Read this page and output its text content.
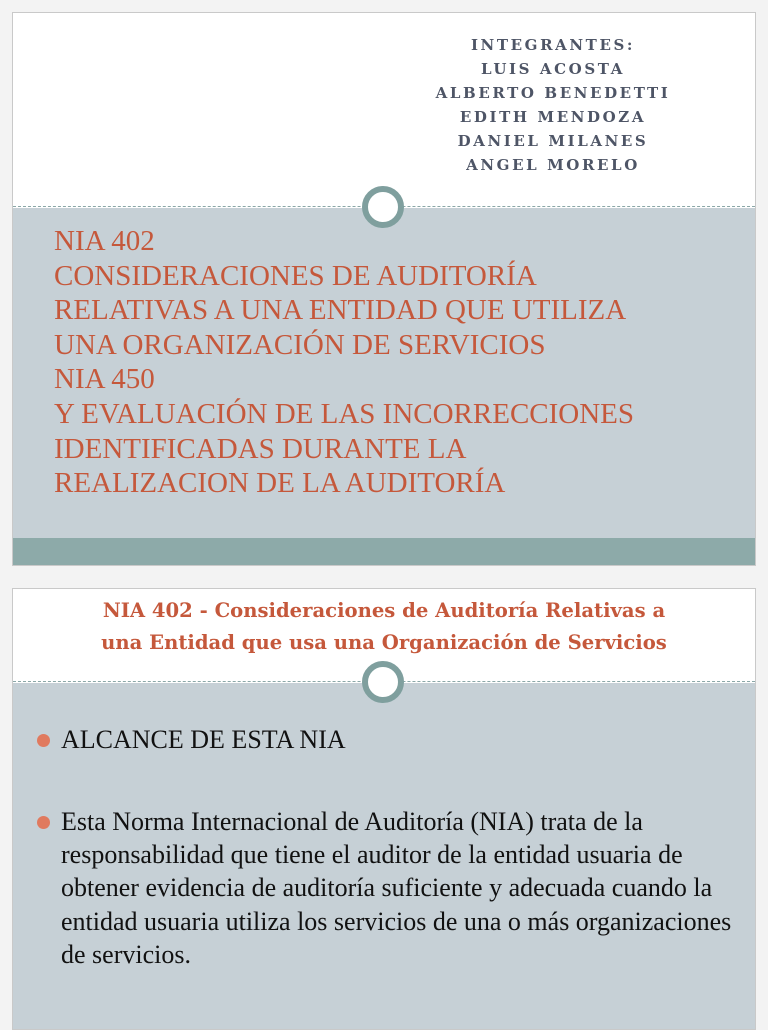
INTEGRANTES:
LUIS ACOSTA
ALBERTO BENEDETTI
EDITH MENDOZA
DANIEL MILANES
ANGEL MORELO
NIA 402
CONSIDERACIONES DE AUDITORÍA
RELATIVAS A UNA ENTIDAD QUE UTILIZA
UNA ORGANIZACIÓN DE SERVICIOS
NIA 450
Y EVALUACIÓN DE LAS INCORRECCIONES
IDENTIFICADAS DURANTE LA
REALIZACION DE LA AUDITORÍA
NIA 402 - Consideraciones de Auditoría Relativas a
una Entidad que usa una Organización de Servicios
ALCANCE DE ESTA NIA
Esta Norma Internacional de Auditoría (NIA) trata de la responsabilidad que tiene el auditor de la entidad usuaria de obtener evidencia de auditoría suficiente y adecuada cuando la entidad usuaria utiliza los servicios de una o más organizaciones de servicios.
